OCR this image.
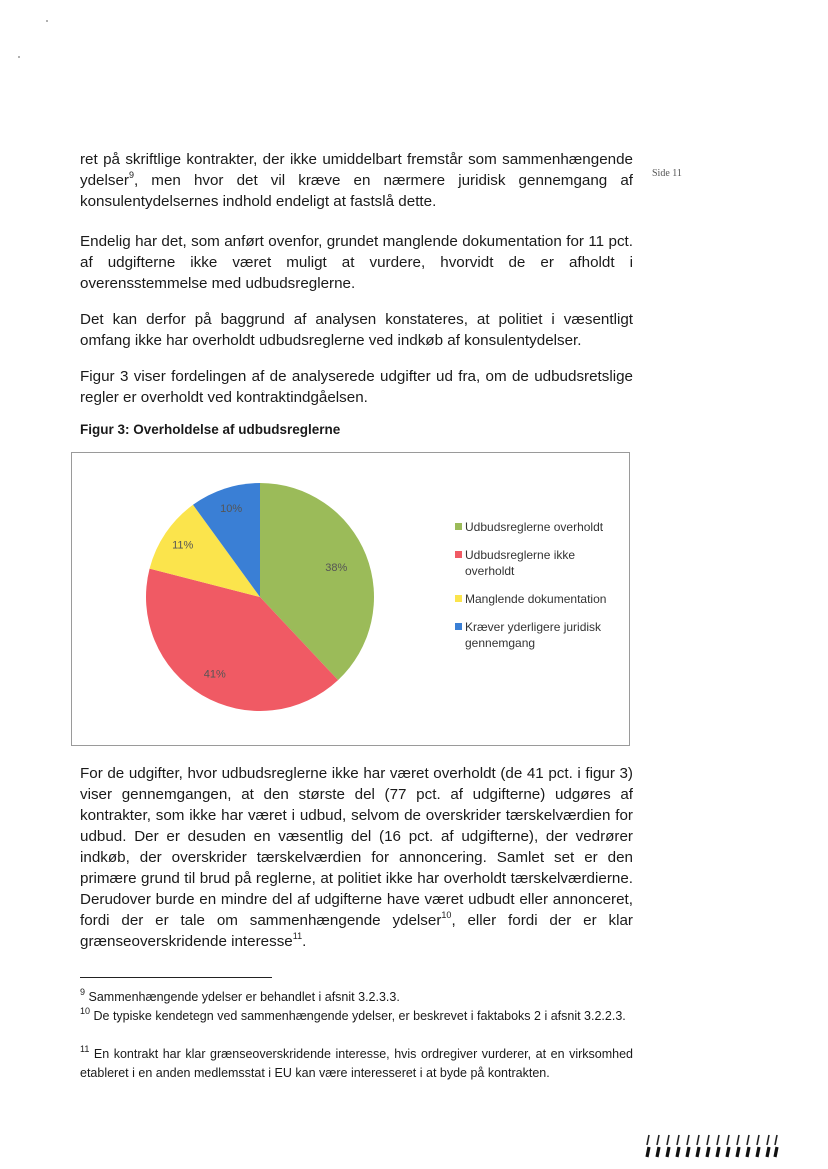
Side 11

ret på skriftlige kontrakter, der ikke umiddelbart fremstår som sammenhængende ydelser$^9$, men hvor det vil kræve en nærmere juridisk gennemgang af konsulentydelsernes indhold endeligt at fastslå dette.

Endelig har det, som anført ovenfor, grundet manglende dokumentation for 11 pct. af udgifterne ikke været muligt at vurdere, hvorvidt de er afholdt i overensstemmelse med udbudsreglerne.

Det kan derfor på baggrund af analysen konstateres, at politiet i væsentligt omfang ikke har overholdt udbudsreglerne ved indkøb af konsulentydelser.

Figur 3 viser fordelingen af de analyserede udgifter ud fra, om de udbudsretslige regler er overholdt ved kontraktindgåelsen.

Figur 3: Overholdelse af udbudsreglerne

38%
41%
11%
10%
Udbudsreglerne overholdt
Udbudsreglerne ikke overholdt
Manglende dokumentation
Kræver yderligere juridisk gennemgang

For de udgifter, hvor udbudsreglerne ikke har været overholdt (de 41 pct. i figur 3) viser gennemgangen, at den største del (77 pct. af udgifterne) udgøres af kontrakter, som ikke har været i udbud, selvom de overskrider tærskelværdien for udbud. Der er desuden en væsentlig del (16 pct. af udgifterne), der vedrører indkøb, der overskrider tærskelværdien for annoncering. Samlet set er den primære grund til brud på reglerne, at politiet ikke har overholdt tærskelværdierne. Derudover burde en mindre del af udgifterne have været udbudt eller annonceret, fordi der er tale om sammenhængende ydelser$^{10}$, eller fordi der er klar grænseoverskridende interesse$^{11}$.

$^9$ Sammenhængende ydelser er behandlet i afsnit 3.2.3.3.

$^{10}$ De typiske kendetegn ved sammenhængende ydelser, er beskrevet i faktaboks 2 i afsnit 3.2.2.3.

$^{11}$ En kontrakt har klar grænseoverskridende interesse, hvis ordregiver vurderer, at en virksomhed etableret i en anden medlemsstat i EU kan være interesseret i at byde på kontrakten.
